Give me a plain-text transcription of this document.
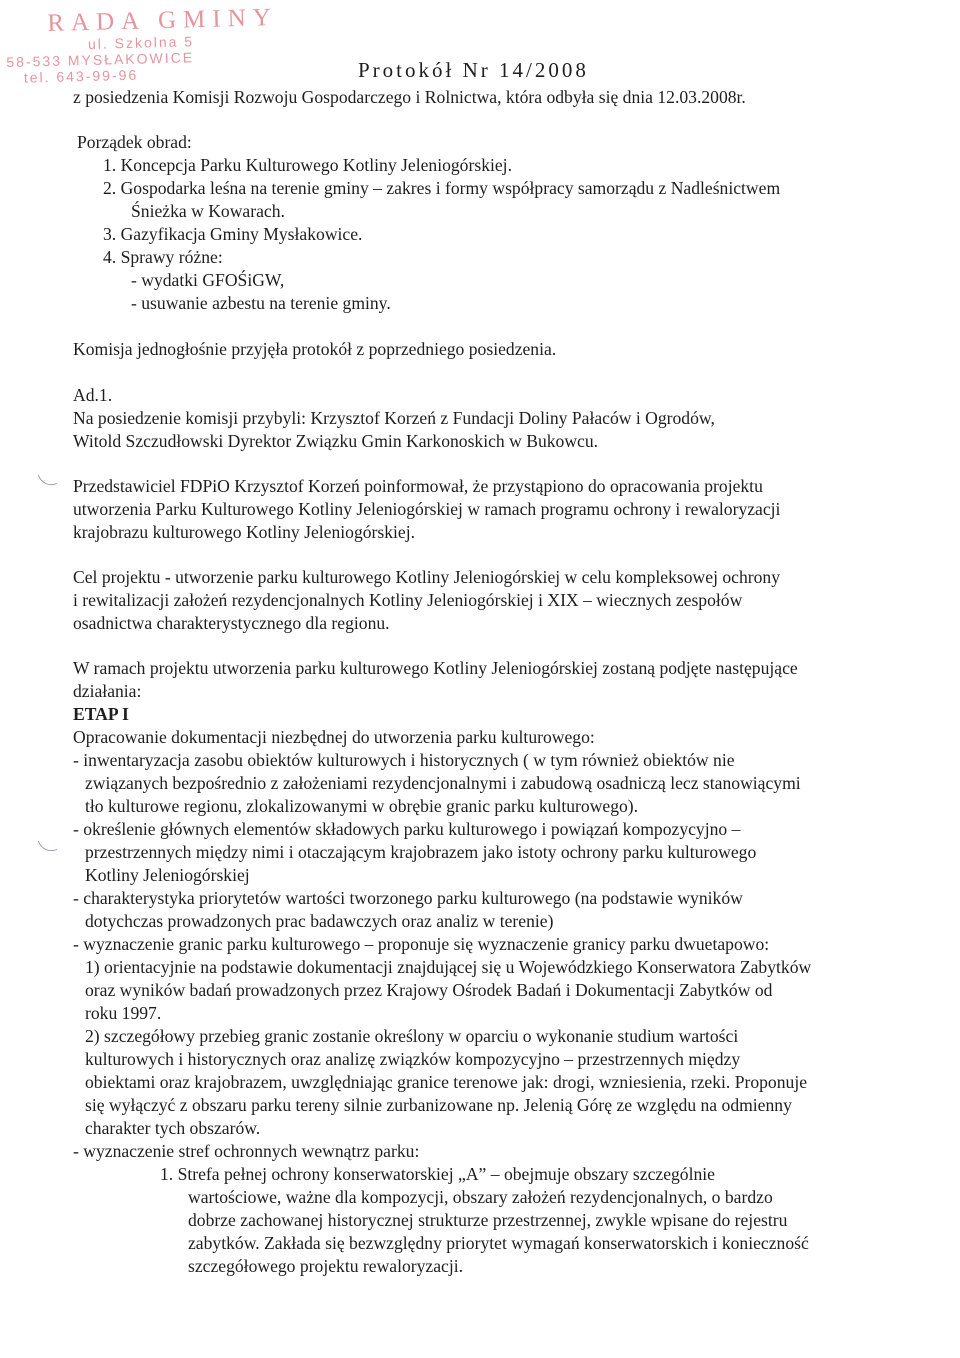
RADA GMINY
ul. Szkolna 5
58-533 MYSŁAKOWICE
tel. 643-99-96	Protokół Nr 14/2008
z posiedzenia Komisji Rozwoju Gospodarczego i Rolnictwa, która odbyła się dnia 12.03.2008r.
Porządek obrad:
1. Koncepcja Parku Kulturowego Kotliny Jeleniogórskiej.
2. Gospodarka leśna na terenie gminy – zakres i formy współpracy samorządu z Nadleśnictwem
Śnieżka w Kowarach.
3. Gazyfikacja Gminy Mysłakowice.
4. Sprawy różne:
- wydatki GFOŚiGW,
- usuwanie azbestu na terenie gminy.
Komisja jednogłośnie przyjęła protokół z poprzedniego posiedzenia.
Ad.1.
Na posiedzenie komisji przybyli: Krzysztof Korzeń z Fundacji Doliny Pałaców i Ogrodów,
Witold Szczudłowski Dyrektor Związku Gmin Karkonoskich w Bukowcu.
Przedstawiciel FDPiO Krzysztof Korzeń poinformował, że przystąpiono do opracowania projektu
utworzenia Parku Kulturowego Kotliny Jeleniogórskiej w ramach programu ochrony i rewaloryzacji
krajobrazu kulturowego Kotliny Jeleniogórskiej.
Cel projektu - utworzenie parku kulturowego Kotliny Jeleniogórskiej w celu kompleksowej ochrony
i rewitalizacji założeń rezydencjonalnych Kotliny Jeleniogórskiej i XIX – wiecznych zespołów
osadnictwa charakterystycznego dla regionu.
W ramach projektu utworzenia parku kulturowego Kotliny Jeleniogórskiej zostaną podjęte następujące
działania:
ETAP I
Opracowanie dokumentacji niezbędnej do utworzenia parku kulturowego:
- inwentaryzacja zasobu obiektów kulturowych i historycznych ( w tym również obiektów nie
związanych bezpośrednio z założeniami rezydencjonalnymi i zabudową osadniczą lecz stanowiącymi
tło kulturowe regionu, zlokalizowanymi w obrębie granic parku kulturowego).
- określenie głównych elementów składowych parku kulturowego i powiązań kompozycyjno –
przestrzennych między nimi i otaczającym krajobrazem jako istoty ochrony parku kulturowego
Kotliny Jeleniogórskiej
- charakterystyka priorytetów wartości tworzonego parku kulturowego (na podstawie wyników
dotychczas prowadzonych prac badawczych oraz analiz w terenie)
- wyznaczenie granic parku kulturowego – proponuje się wyznaczenie granicy parku dwuetapowo:
1) orientacyjnie na podstawie dokumentacji znajdującej się u Wojewódzkiego Konserwatora Zabytków
oraz wyników badań prowadzonych przez Krajowy Ośrodek Badań i Dokumentacji Zabytków od
roku 1997.
2) szczegółowy przebieg granic zostanie określony w oparciu o wykonanie studium wartości
kulturowych i historycznych oraz analizę związków kompozycyjno – przestrzennych między
obiektami oraz krajobrazem, uwzględniając granice terenowe jak: drogi, wzniesienia, rzeki. Proponuje
się wyłączyć z obszaru parku tereny silnie zurbanizowane np. Jelenią Górę ze względu na odmienny
charakter tych obszarów.
- wyznaczenie stref ochronnych wewnątrz parku:
1. Strefa pełnej ochrony konserwatorskiej „A” – obejmuje obszary szczególnie
wartościowe, ważne dla kompozycji, obszary założeń rezydencjonalnych, o bardzo
dobrze zachowanej historycznej strukturze przestrzennej, zwykle wpisane do rejestru
zabytków. Zakłada się bezwzględny priorytet wymagań konserwatorskich i konieczność
szczegółowego projektu rewaloryzacji.
